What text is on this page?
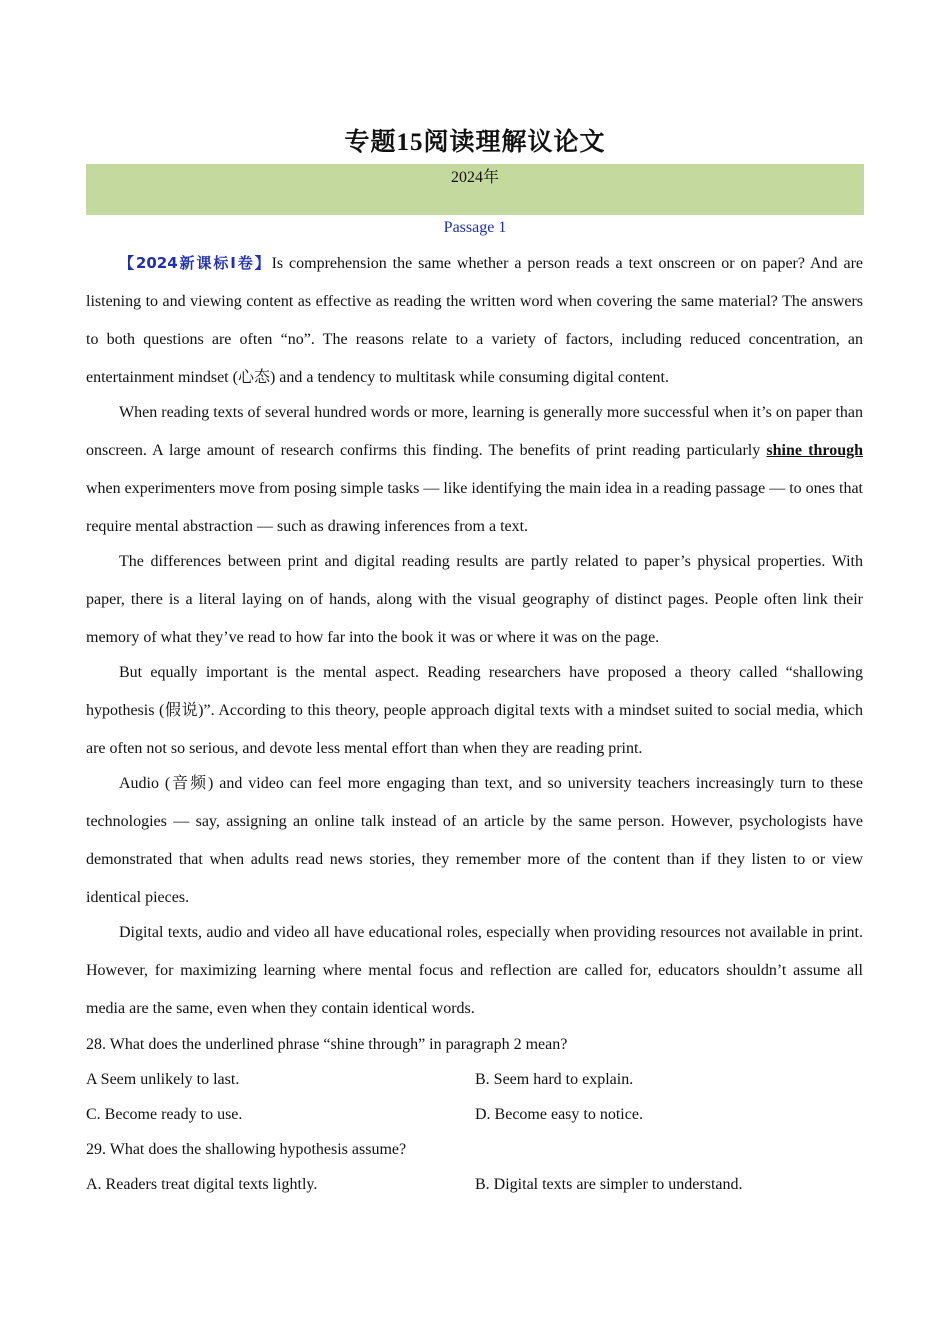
专题15阅读理解议论文
2024年
Passage 1

【2024新课标Ⅰ卷】Is comprehension the same whether a person reads a text onscreen or on paper? And are listening to and viewing content as effective as reading the written word when covering the same material? The answers to both questions are often “no”. The reasons relate to a variety of factors, including reduced concentration, an entertainment mindset (心态) and a tendency to multitask while consuming digital content.

When reading texts of several hundred words or more, learning is generally more successful when it’s on paper than onscreen. A large amount of research confirms this finding. The benefits of print reading particularly shine through when experimenters move from posing simple tasks — like identifying the main idea in a reading passage — to ones that require mental abstraction — such as drawing inferences from a text.

The differences between print and digital reading results are partly related to paper’s physical properties. With paper, there is a literal laying on of hands, along with the visual geography of distinct pages. People often link their memory of what they’ve read to how far into the book it was or where it was on the page.

But equally important is the mental aspect. Reading researchers have proposed a theory called “shallowing hypothesis (假说)”. According to this theory, people approach digital texts with a mindset suited to social media, which are often not so serious, and devote less mental effort than when they are reading print.

Audio (音频) and video can feel more engaging than text, and so university teachers increasingly turn to these technologies — say, assigning an online talk instead of an article by the same person. However, psychologists have demonstrated that when adults read news stories, they remember more of the content than if they listen to or view identical pieces.

Digital texts, audio and video all have educational roles, especially when providing resources not available in print. However, for maximizing learning where mental focus and reflection are called for, educators shouldn’t assume all media are the same, even when they contain identical words.

28. What does the underlined phrase “shine through” in paragraph 2 mean?
A Seem unlikely to last.	B. Seem hard to explain.
C. Become ready to use.	D. Become easy to notice.
29. What does the shallowing hypothesis assume?
A. Readers treat digital texts lightly.	B. Digital texts are simpler to understand.
